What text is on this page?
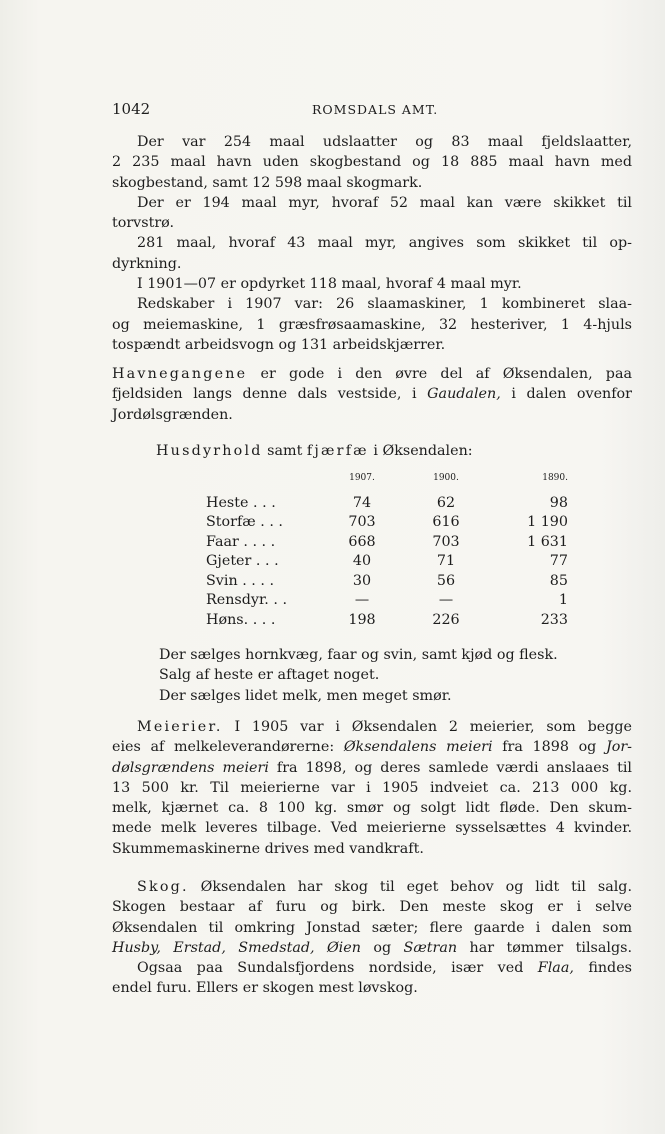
1042	ROMSDALS AMT.
Der var 254 maal udslaatter og 83 maal fjeldslaatter,
2 235 maal havn uden skogbestand og 18 885 maal havn med
skogbestand, samt 12 598 maal skogmark.
Der er 194 maal myr, hvoraf 52 maal kan være skikket til
torvstrø.
281 maal, hvoraf 43 maal myr, angives som skikket til op-
dyrkning.
I 1901—07 er opdyrket 118 maal, hvoraf 4 maal myr.
Redskaber i 1907 var: 26 slaamaskiner, 1 kombineret slaa-
og meiemaskine, 1 græsfrøsaamaskine, 32 hesteriver, 1 4-hjuls
tospændt arbeidsvogn og 131 arbeidskjærrer.
Havnegangene er gode i den øvre del af Øksendalen, paa
fjeldsiden langs denne dals vestside, i Gaudalen, i dalen ovenfor
Jordølsgrænden.
Husdyrhold samt fjærfæ i Øksendalen:
	1907.	1900.	1890.
Heste . . .	74	62	98
Storfæ . . .	703	616	1 190
Faar . . . .	668	703	1 631
Gjeter . . .	40	71	77
Svin . . . .	30	56	85
Rensdyr. . .	—	—	1
Høns. . . .	198	226	233
Der sælges hornkvæg, faar og svin, samt kjød og flesk.
Salg af heste er aftaget noget.
Der sælges lidet melk, men meget smør.
Meierier. I 1905 var i Øksendalen 2 meierier, som begge
eies af melkeleverandørerne: Øksendalens meieri fra 1898 og Jor-
dølsgrændens meieri fra 1898, og deres samlede værdi anslaaes til
13 500 kr. Til meierierne var i 1905 indveiet ca. 213 000 kg.
melk, kjærnet ca. 8 100 kg. smør og solgt lidt fløde. Den skum-
mede melk leveres tilbage. Ved meierierne sysselsættes 4 kvinder.
Skummemaskinerne drives med vandkraft.
Skog. Øksendalen har skog til eget behov og lidt til salg.
Skogen bestaar af furu og birk. Den meste skog er i selve
Øksendalen til omkring Jonstad sæter; flere gaarde i dalen som
Husby, Erstad, Smedstad, Øien og Sætran har tømmer tilsalgs.
Ogsaa paa Sundalsfjordens nordside, især ved Flaa, findes
endel furu. Ellers er skogen mest løvskog.
